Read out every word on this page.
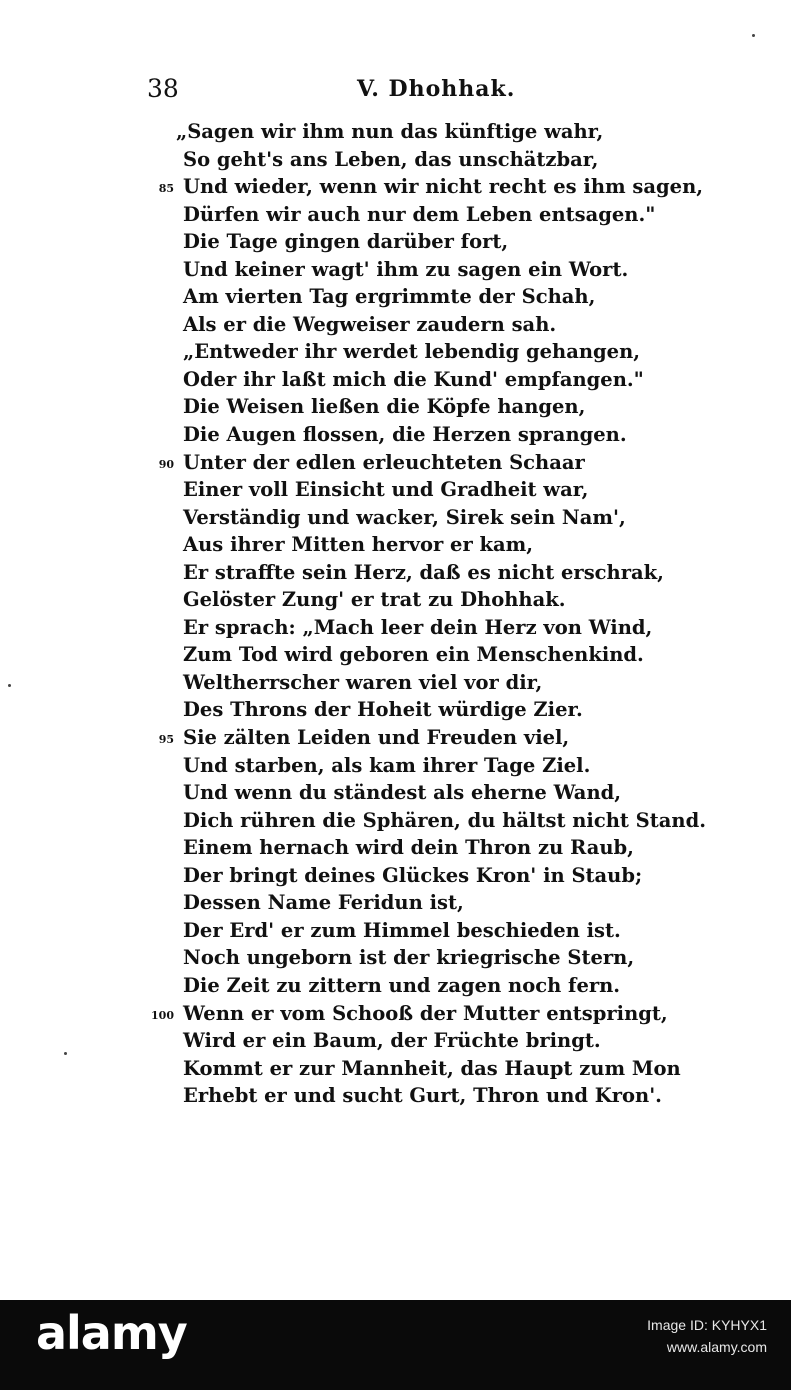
38	V. Dhohhak.
„Sagen wir ihm nun das künftige wahr,
So geht's ans Leben, das unschätzbar,
85 Und wieder, wenn wir nicht recht es ihm sagen,
Dürfen wir auch nur dem Leben entsagen."
Die Tage gingen darüber fort,
Und keiner wagt' ihm zu sagen ein Wort.
Am vierten Tag ergrimmte der Schah,
Als er die Wegweiser zaudern sah.
„Entweder ihr werdet lebendig gehangen,
Oder ihr laßt mich die Kund' empfangen."
Die Weisen ließen die Köpfe hangen,
Die Augen flossen, die Herzen sprangen.
90 Unter der edlen erleuchteten Schaar
Einer voll Einsicht und Gradheit war,
Verständig und wacker, Sirek sein Nam',
Aus ihrer Mitten hervor er kam,
Er straffte sein Herz, daß es nicht erschrak,
Gelöster Zung' er trat zu Dhohhak.
Er sprach: „Mach leer dein Herz von Wind,
Zum Tod wird geboren ein Menschenkind.
Weltherrscher waren viel vor dir,
Des Throns der Hoheit würdige Zier.
95 Sie zälten Leiden und Freuden viel,
Und starben, als kam ihrer Tage Ziel.
Und wenn du ständest als eherne Wand,
Dich rühren die Sphären, du hältst nicht Stand.
Einem hernach wird dein Thron zu Raub,
Der bringt deines Glückes Kron' in Staub;
Dessen Name Feridun ist,
Der Erd' er zum Himmel beschieden ist.
Noch ungeborn ist der kriegrische Stern,
Die Zeit zu zittern und zagen noch fern.
100 Wenn er vom Schooß der Mutter entspringt,
Wird er ein Baum, der Früchte bringt.
Kommt er zur Mannheit, das Haupt zum Mon
Erhebt er und sucht Gurt, Thron und Kron'.
alamy	Image ID: KYHYX1
www.alamy.com
